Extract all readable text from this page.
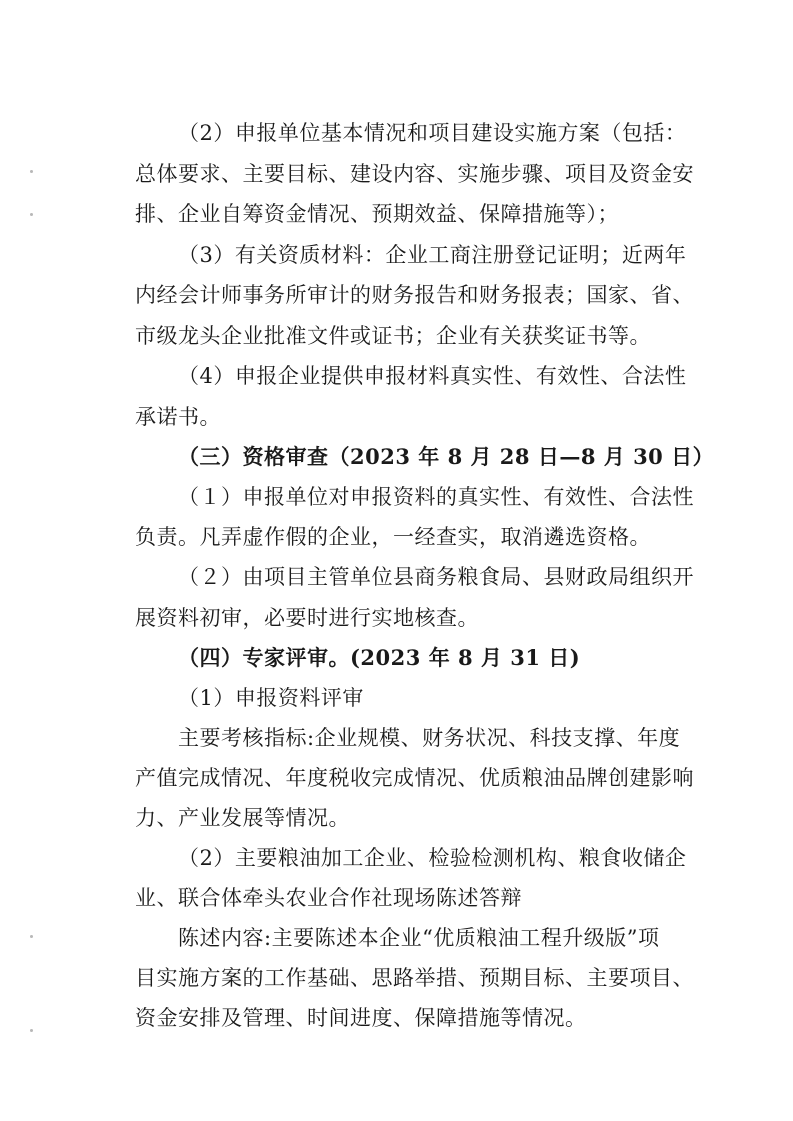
（2）申报单位基本情况和项目建设实施方案（包括：
总体要求、主要目标、建设内容、实施步骤、项目及资金安
排、企业自筹资金情况、预期效益、保障措施等）；
（3）有关资质材料：企业工商注册登记证明；近两年
内经会计师事务所审计的财务报告和财务报表；国家、省、
市级龙头企业批准文件或证书；企业有关获奖证书等。
（4）申报企业提供申报材料真实性、有效性、合法性
承诺书。
（三）资格审查（2023 年 8 月 28 日—8 月 30 日）
（１）申报单位对申报资料的真实性、有效性、合法性
负责。凡弄虚作假的企业，一经查实，取消遴选资格。
（２）由项目主管单位县商务粮食局、县财政局组织开
展资料初审，必要时进行实地核查。
（四）专家评审。(2023 年 8 月 31 日)
（1）申报资料评审
主要考核指标:企业规模、财务状况、科技支撑、年度
产值完成情况、年度税收完成情况、优质粮油品牌创建影响
力、产业发展等情况。
（2）主要粮油加工企业、检验检测机构、粮食收储企
业、联合体牵头农业合作社现场陈述答辩
陈述内容:主要陈述本企业“优质粮油工程升级版”项
目实施方案的工作基础、思路举措、预期目标、主要项目、
资金安排及管理、时间进度、保障措施等情况。
